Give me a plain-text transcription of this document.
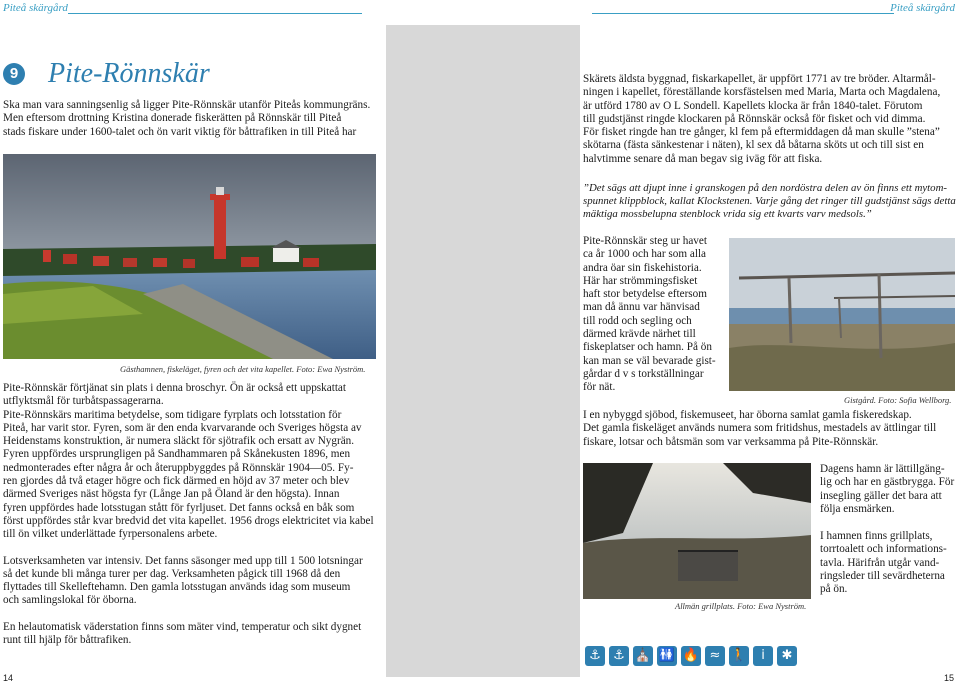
Piteå skärgård	Piteå skärgård
9 Pite-Rönnskär
Ska man vara sanningsenlig så ligger Pite-Rönnskär utanför Piteås kommungräns.
Men eftersom drottning Kristina donerade fiskerätten på Rönnskär till Piteå
stads fiskare under 1600-talet och ön varit viktig för båttrafiken in till Piteå har
Gästhamnen, fiskeläget, fyren och det vita kapellet. Foto: Ewa Nyström.
Pite-Rönnskär förtjänat sin plats i denna broschyr. Ön är också ett uppskattat
utflyktsmål för turbåtspassagerarna.
Pite-Rönnskärs maritima betydelse, som tidigare fyrplats och lotsstation för
Piteå, har varit stor. Fyren, som är den enda kvarvarande och Sveriges högsta av
Heidenstams konstruktion, är numera släckt för sjötrafik och ersatt av Nygrän.
Fyren uppfördes ursprungligen på Sandhammaren på Skånekusten 1896, men
nedmonterades efter några år och återuppbyggdes på Rönnskär 1904—05. Fy-
ren gjordes då två etager högre och fick därmed en höjd av 37 meter och blev
därmed Sveriges näst högsta fyr (Långe Jan på Öland är den högsta). Innan
fyren uppfördes hade lotsstugan stått för fyrljuset. Det fanns också en båk som
först uppfördes står kvar bredvid det vita kapellet. 1956 drogs elektricitet via kabel
till ön vilket underlättade fyrpersonalens arbete.
Lotsverksamheten var intensiv. Det fanns säsonger med upp till 1 500 lotsningar
så det kunde bli många turer per dag. Verksamheten pågick till 1968 då den
flyttades till Skelleftehamn. Den gamla lotsstugan används idag som museum
och samlingslokal för öborna.
En helautomatisk väderstation finns som mäter vind, temperatur och sikt dygnet
runt till hjälp för båttrafiken.
Skärets äldsta byggnad, fiskarkapellet, är uppfört 1771 av tre bröder. Altarmål-
ningen i kapellet, föreställande korsfästelsen med Maria, Marta och Magdalena,
är utförd 1780 av O L Sondell. Kapellets klocka är från 1840-talet. Förutom
till gudstjänst ringde klockaren på Rönnskär också för fisket och vid dimma.
För fisket ringde han tre gånger, kl fem på eftermiddagen då man skulle ”stena”
skötarna (fästa sänkestenar i näten), kl sex då båtarna sköts ut och till sist en
halvtimme senare då man begav sig iväg för att fiska.
”Det sägs att djupt inne i granskogen på den nordöstra delen av ön finns ett mytom-
spunnet klippblock, kallat Klockstenen. Varje gång det ringer till gudstjänst sägs detta
mäktiga mossbelupna stenblock vrida sig ett kvarts varv medsols.”
Pite-Rönnskär steg ur havet
ca år 1000 och har som alla
andra öar sin fiskehistoria.
Här har strömmingsfisket
haft stor betydelse eftersom
man då ännu var hänvisad
till rodd och segling och
därmed krävde närhet till
fiskeplatser och hamn. På ön
kan man se väl bevarade gist-
gårdar d v s torkställningar
för nät.
Gistgård. Foto: Sofia Wellborg.
I en nybyggd sjöbod, fiskemuseet, har öborna samlat gamla fiskeredskap.
Det gamla fiskeläget används numera som fritidshus, mestadels av ättlingar till
fiskare, lotsar och båtsmän som var verksamma på Pite-Rönnskär.
Allmän grillplats. Foto: Ewa Nyström.
Dagens hamn är lättillgäng-
lig och har en gästbrygga. För
insegling gäller det bara att
följa ensmärken.
I hamnen finns grillplats,
torrtoalett och informations-
tavla. Härifrån utgår vand-
ringsleder till sevärdheterna
på ön.
⚓ ⚓ ⛪ 🚻 🔥 ≈ 🚶	i	✱
14	15
